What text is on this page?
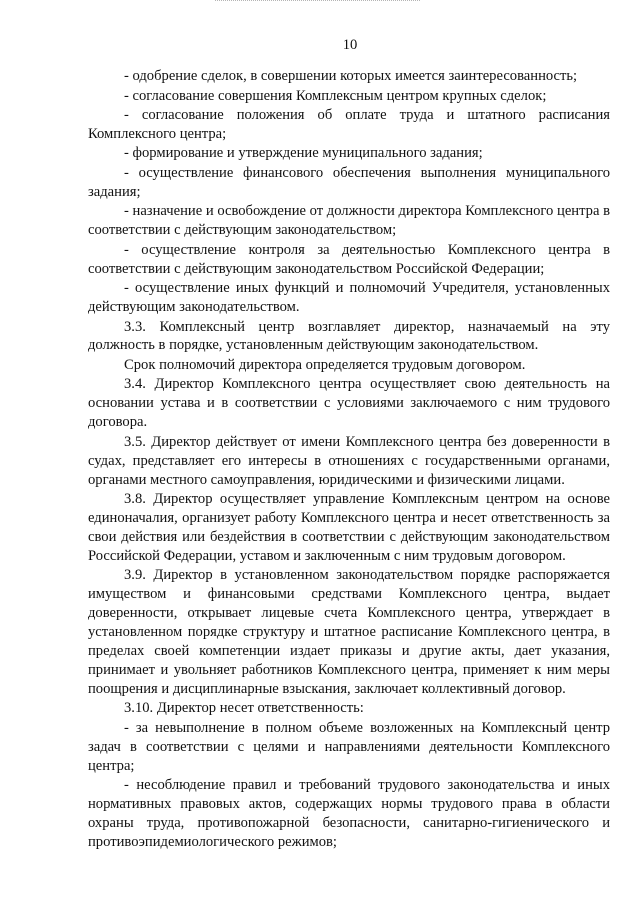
10

- одобрение сделок, в совершении которых имеется заинтересованность;

- согласование совершения Комплексным центром крупных сделок;

- согласование положения об оплате труда и штатного расписания Комплексного центра;

- формирование и утверждение муниципального задания;

- осуществление финансового обеспечения выполнения муниципального задания;

- назначение и освобождение от должности директора Комплексного центра в соответствии с действующим законодательством;

- осуществление контроля за деятельностью Комплексного центра в соответствии с действующим законодательством Российской Федерации;

- осуществление иных функций и полномочий Учредителя, установленных действующим законодательством.

3.3. Комплексный центр возглавляет директор, назначаемый на эту должность в порядке, установленным действующим законодательством.

Срок полномочий директора определяется трудовым договором.

3.4. Директор Комплексного центра осуществляет свою деятельность на основании устава и в соответствии с условиями заключаемого с ним трудового договора.

3.5. Директор действует от имени Комплексного центра без доверенности в судах, представляет его интересы в отношениях с государственными органами, органами местного самоуправления, юридическими и физическими лицами.

3.8. Директор осуществляет управление Комплексным центром на основе единоначалия, организует работу Комплексного центра и несет ответственность за свои действия или бездействия в соответствии с действующим законодательством Российской Федерации, уставом и заключенным с ним трудовым договором.

3.9. Директор в установленном законодательством порядке распоряжается имуществом и финансовыми средствами Комплексного центра, выдает доверенности, открывает лицевые счета Комплексного центра, утверждает в установленном порядке структуру и штатное расписание Комплексного центра, в пределах своей компетенции издает приказы и другие акты, дает указания, принимает и увольняет работников Комплексного центра, применяет к ним меры поощрения и дисциплинарные взыскания, заключает коллективный договор.

3.10. Директор несет ответственность:

- за невыполнение в полном объеме возложенных на Комплексный центр задач в соответствии с целями и направлениями деятельности Комплексного центра;

- несоблюдение правил и требований трудового законодательства и иных нормативных правовых актов, содержащих нормы трудового права в области охраны труда, противопожарной безопасности, санитарно-гигиенического и противоэпидемиологического режимов;
